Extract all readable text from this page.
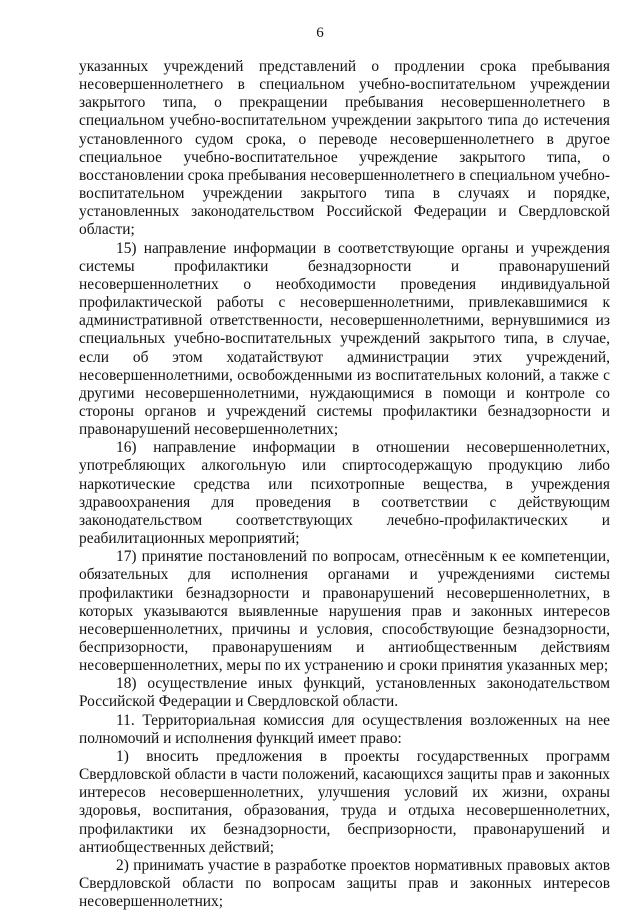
6

указанных учреждений представлений о продлении срока пребывания несовершеннолетнего в специальном учебно-воспитательном учреждении закрытого типа, о прекращении пребывания несовершеннолетнего в специальном учебно-воспитательном учреждении закрытого типа до истечения установленного судом срока, о переводе несовершеннолетнего в другое специальное учебно-воспитательное учреждение закрытого типа, о восстановлении срока пребывания несовершеннолетнего в специальном учебно-воспитательном учреждении закрытого типа в случаях и порядке, установленных законодательством Российской Федерации и Свердловской области;

15) направление информации в соответствующие органы и учреждения системы профилактики безнадзорности и правонарушений несовершеннолетних о необходимости проведения индивидуальной профилактической работы с несовершеннолетними, привлекавшимися к административной ответственности, несовершеннолетними, вернувшимися из специальных учебно-воспитательных учреждений закрытого типа, в случае, если об этом ходатайствуют администрации этих учреждений, несовершеннолетними, освобожденными из воспитательных колоний, а также с другими несовершеннолетними, нуждающимися в помощи и контроле со стороны органов и учреждений системы профилактики безнадзорности и правонарушений несовершеннолетних;

16) направление информации в отношении несовершеннолетних, употребляющих алкогольную или спиртосодержащую продукцию либо наркотические средства или психотропные вещества, в учреждения здравоохранения для проведения в соответствии с действующим законодательством соответствующих лечебно-профилактических и реабилитационных мероприятий;

17) принятие постановлений по вопросам, отнесённым к ее компетенции, обязательных для исполнения органами и учреждениями системы профилактики безнадзорности и правонарушений несовершеннолетних, в которых указываются выявленные нарушения прав и законных интересов несовершеннолетних, причины и условия, способствующие безнадзорности, беспризорности, правонарушениям и антиобщественным действиям несовершеннолетних, меры по их устранению и сроки принятия указанных мер;

18) осуществление иных функций, установленных законодательством Российской Федерации и Свердловской области.

11. Территориальная комиссия для осуществления возложенных на нее полномочий и исполнения функций имеет право:

1) вносить предложения в проекты государственных программ Свердловской области в части положений, касающихся защиты прав и законных интересов несовершеннолетних, улучшения условий их жизни, охраны здоровья, воспитания, образования, труда и отдыха несовершеннолетних, профилактики их безнадзорности, беспризорности, правонарушений и антиобщественных действий;

2) принимать участие в разработке проектов нормативных правовых актов Свердловской области по вопросам защиты прав и законных интересов несовершеннолетних;
